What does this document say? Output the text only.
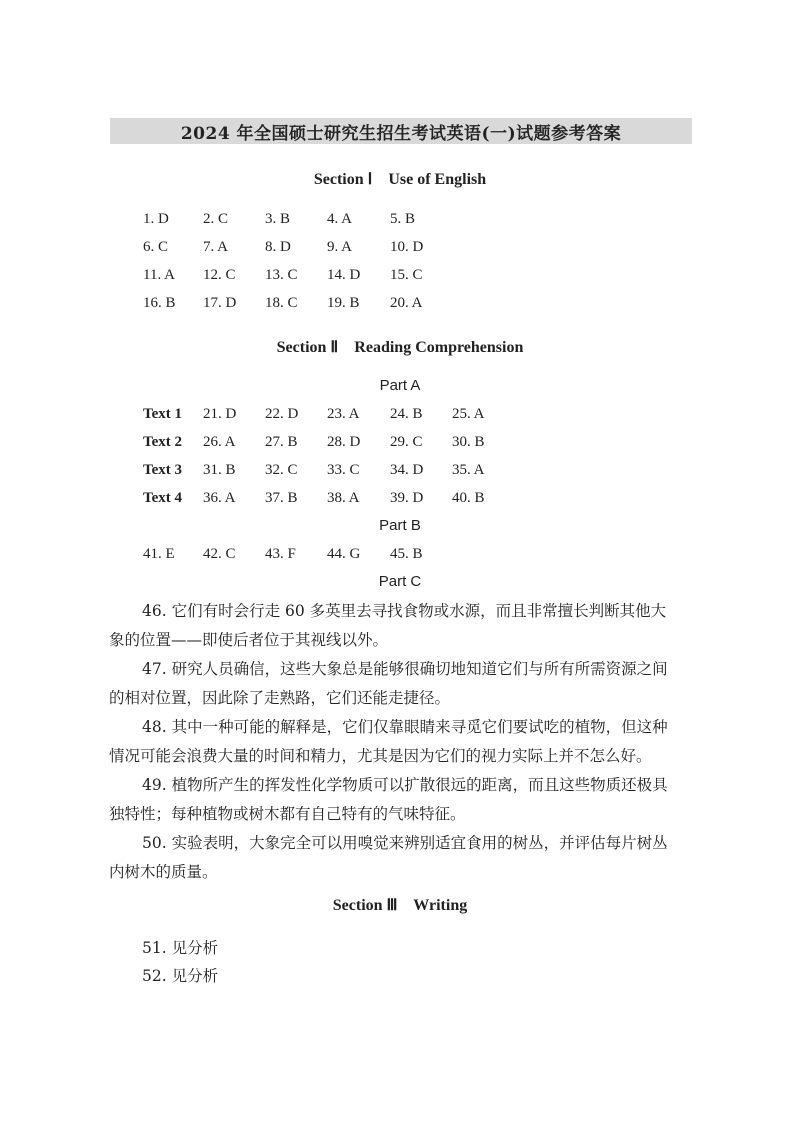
2024 年全国硕士研究生招生考试英语(一)试题参考答案
Section Ⅰ    Use of English
1. D 2. C 3. B 4. A	5. B
6. C 7. A 8. D 9. A	10. D
11. A 12. C 13. C 14. D 15. C
16. B 17. D 18. C 19. B 20. A
Section Ⅱ    Reading Comprehension
Part A
Text 1 21. D 22. D 23. A 24. B 25. A
Text 2 26. A 27. B 28. D 29. C 30. B
Text 3 31. B 32. C 33. C 34. D 35. A
Text 4 36. A 37. B 38. A 39. D 40. B
Part B
41. E 42. C 43. F 44. G 45. B
Part C
46. 它们有时会行走 60 多英里去寻找食物或水源，而且非常擅长判断其他大
象的位置——即使后者位于其视线以外。
47. 研究人员确信，这些大象总是能够很确切地知道它们与所有所需资源之间
的相对位置，因此除了走熟路，它们还能走捷径。
48. 其中一种可能的解释是，它们仅靠眼睛来寻觅它们要试吃的植物，但这种
情况可能会浪费大量的时间和精力，尤其是因为它们的视力实际上并不怎么好。
49. 植物所产生的挥发性化学物质可以扩散很远的距离，而且这些物质还极具
独特性；每种植物或树木都有自己特有的气味特征。
50. 实验表明，大象完全可以用嗅觉来辨别适宜食用的树丛，并评估每片树丛
内树木的质量。
Section Ⅲ    Writing
51. 见分析
52. 见分析
